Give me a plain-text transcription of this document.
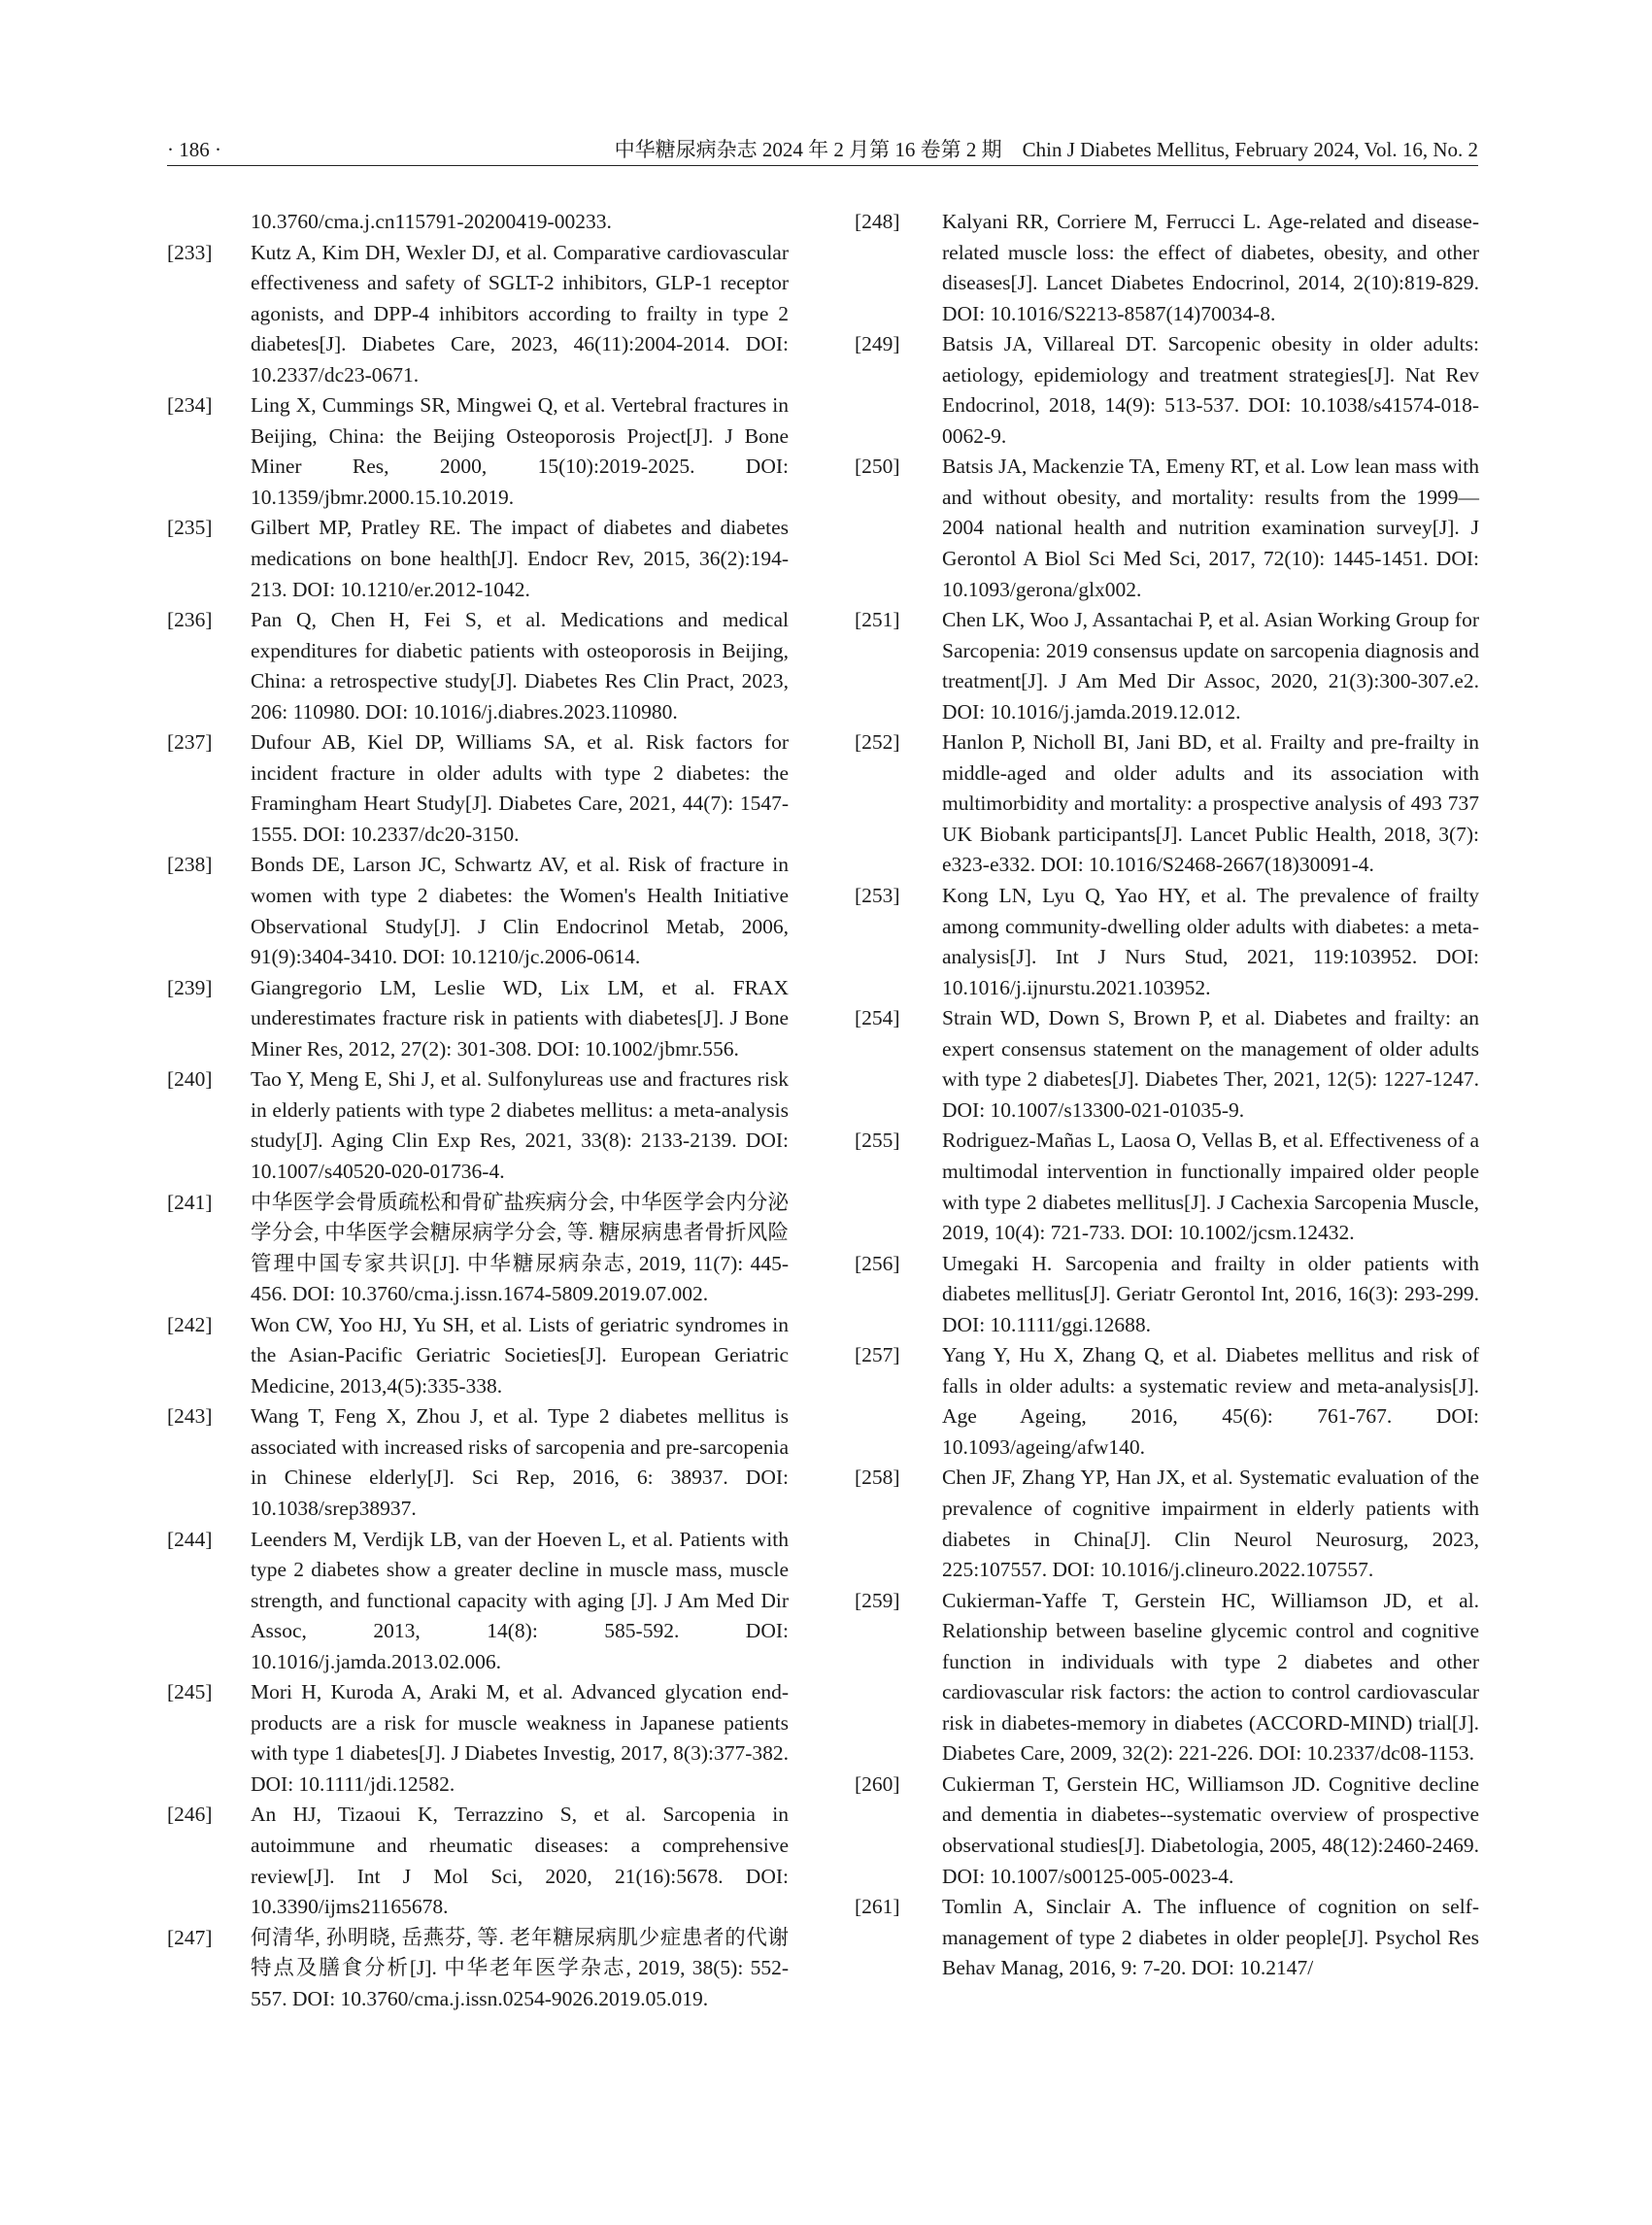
· 186 ·	中华糖尿病杂志 2024 年 2 月第 16 卷第 2 期　Chin J Diabetes Mellitus, February 2024, Vol. 16, No. 2
10.3760/cma.j.cn115791-20200419-00233.
[233]	Kutz A, Kim DH, Wexler DJ, et al. Comparative cardiovascular effectiveness and safety of SGLT-2 inhibitors, GLP-1 receptor agonists, and DPP-4 inhibitors according to frailty in type 2 diabetes[J]. Diabetes Care, 2023, 46(11):2004-2014. DOI: 10.2337/dc23-0671.
[234]	Ling X, Cummings SR, Mingwei Q, et al. Vertebral fractures in Beijing, China: the Beijing Osteoporosis Project[J]. J Bone Miner Res, 2000, 15(10):2019-2025. DOI: 10.1359/jbmr.2000.15.10.2019.
[235]	Gilbert MP, Pratley RE. The impact of diabetes and diabetes medications on bone health[J]. Endocr Rev, 2015, 36(2):194-213. DOI: 10.1210/er.2012-1042.
[236]	Pan Q, Chen H, Fei S, et al. Medications and medical expenditures for diabetic patients with osteoporosis in Beijing, China: a retrospective study[J]. Diabetes Res Clin Pract, 2023, 206: 110980. DOI: 10.1016/j.diabres.2023.110980.
[237]	Dufour AB, Kiel DP, Williams SA, et al. Risk factors for incident fracture in older adults with type 2 diabetes: the Framingham Heart Study[J]. Diabetes Care, 2021, 44(7): 1547-1555. DOI: 10.2337/dc20-3150.
[238]	Bonds DE, Larson JC, Schwartz AV, et al. Risk of fracture in women with type 2 diabetes: the Women's Health Initiative Observational Study[J]. J Clin Endocrinol Metab, 2006, 91(9):3404-3410. DOI: 10.1210/jc.2006-0614.
[239]	Giangregorio LM, Leslie WD, Lix LM, et al. FRAX underestimates fracture risk in patients with diabetes[J]. J Bone Miner Res, 2012, 27(2): 301-308. DOI: 10.1002/jbmr.556.
[240]	Tao Y, Meng E, Shi J, et al. Sulfonylureas use and fractures risk in elderly patients with type 2 diabetes mellitus: a meta-analysis study[J]. Aging Clin Exp Res, 2021, 33(8): 2133-2139. DOI: 10.1007/s40520-020-01736-4.
[241]	中华医学会骨质疏松和骨矿盐疾病分会, 中华医学会内分泌学分会, 中华医学会糖尿病学分会, 等. 糖尿病患者骨折风险管理中国专家共识[J]. 中华糖尿病杂志, 2019, 11(7): 445-456. DOI: 10.3760/cma.j.issn.1674-5809.2019.07.002.
[242]	Won CW, Yoo HJ, Yu SH, et al. Lists of geriatric syndromes in the Asian-Pacific Geriatric Societies[J]. European Geriatric Medicine, 2013,4(5):335-338.
[243]	Wang T, Feng X, Zhou J, et al. Type 2 diabetes mellitus is associated with increased risks of sarcopenia and pre-sarcopenia in Chinese elderly[J]. Sci Rep, 2016, 6: 38937. DOI: 10.1038/srep38937.
[244]	Leenders M, Verdijk LB, van der Hoeven L, et al. Patients with type 2 diabetes show a greater decline in muscle mass, muscle strength, and functional capacity with aging [J]. J Am Med Dir Assoc, 2013, 14(8): 585-592. DOI: 10.1016/j.jamda.2013.02.006.
[245]	Mori H, Kuroda A, Araki M, et al. Advanced glycation end-products are a risk for muscle weakness in Japanese patients with type 1 diabetes[J]. J Diabetes Investig, 2017, 8(3):377-382. DOI: 10.1111/jdi.12582.
[246]	An HJ, Tizaoui K, Terrazzino S, et al. Sarcopenia in autoimmune and rheumatic diseases: a comprehensive review[J]. Int J Mol Sci, 2020, 21(16):5678. DOI: 10.3390/ijms21165678.
[247]	何清华, 孙明晓, 岳燕芬, 等. 老年糖尿病肌少症患者的代谢特点及膳食分析[J]. 中华老年医学杂志, 2019, 38(5): 552-557. DOI: 10.3760/cma.j.issn.0254-9026.2019.05.019.
[248]	Kalyani RR, Corriere M, Ferrucci L. Age-related and disease-related muscle loss: the effect of diabetes, obesity, and other diseases[J]. Lancet Diabetes Endocrinol, 2014, 2(10):819-829. DOI: 10.1016/S2213-8587(14)70034-8.
[249]	Batsis JA, Villareal DT. Sarcopenic obesity in older adults: aetiology, epidemiology and treatment strategies[J]. Nat Rev Endocrinol, 2018, 14(9): 513-537. DOI: 10.1038/s41574-018-0062-9.
[250]	Batsis JA, Mackenzie TA, Emeny RT, et al. Low lean mass with and without obesity, and mortality: results from the 1999—2004 national health and nutrition examination survey[J]. J Gerontol A Biol Sci Med Sci, 2017, 72(10): 1445-1451. DOI: 10.1093/gerona/glx002.
[251]	Chen LK, Woo J, Assantachai P, et al. Asian Working Group for Sarcopenia: 2019 consensus update on sarcopenia diagnosis and treatment[J]. J Am Med Dir Assoc, 2020, 21(3):300-307.e2. DOI: 10.1016/j.jamda.2019.12.012.
[252]	Hanlon P, Nicholl BI, Jani BD, et al. Frailty and pre-frailty in middle-aged and older adults and its association with multimorbidity and mortality: a prospective analysis of 493 737 UK Biobank participants[J]. Lancet Public Health, 2018, 3(7): e323-e332. DOI: 10.1016/S2468-2667(18)30091-4.
[253]	Kong LN, Lyu Q, Yao HY, et al. The prevalence of frailty among community-dwelling older adults with diabetes: a meta-analysis[J]. Int J Nurs Stud, 2021, 119:103952. DOI: 10.1016/j.ijnurstu.2021.103952.
[254]	Strain WD, Down S, Brown P, et al. Diabetes and frailty: an expert consensus statement on the management of older adults with type 2 diabetes[J]. Diabetes Ther, 2021, 12(5): 1227-1247. DOI: 10.1007/s13300-021-01035-9.
[255]	Rodriguez-Mañas L, Laosa O, Vellas B, et al. Effectiveness of a multimodal intervention in functionally impaired older people with type 2 diabetes mellitus[J]. J Cachexia Sarcopenia Muscle, 2019, 10(4): 721-733. DOI: 10.1002/jcsm.12432.
[256]	Umegaki H. Sarcopenia and frailty in older patients with diabetes mellitus[J]. Geriatr Gerontol Int, 2016, 16(3): 293-299. DOI: 10.1111/ggi.12688.
[257]	Yang Y, Hu X, Zhang Q, et al. Diabetes mellitus and risk of falls in older adults: a systematic review and meta-analysis[J]. Age Ageing, 2016, 45(6): 761-767. DOI: 10.1093/ageing/afw140.
[258]	Chen JF, Zhang YP, Han JX, et al. Systematic evaluation of the prevalence of cognitive impairment in elderly patients with diabetes in China[J]. Clin Neurol Neurosurg, 2023, 225:107557. DOI: 10.1016/j.clineuro.2022.107557.
[259]	Cukierman-Yaffe T, Gerstein HC, Williamson JD, et al. Relationship between baseline glycemic control and cognitive function in individuals with type 2 diabetes and other cardiovascular risk factors: the action to control cardiovascular risk in diabetes-memory in diabetes (ACCORD-MIND) trial[J]. Diabetes Care, 2009, 32(2): 221-226. DOI: 10.2337/dc08-1153.
[260]	Cukierman T, Gerstein HC, Williamson JD. Cognitive decline and dementia in diabetes--systematic overview of prospective observational studies[J]. Diabetologia, 2005, 48(12):2460-2469. DOI: 10.1007/s00125-005-0023-4.
[261]	Tomlin A, Sinclair A. The influence of cognition on self-management of type 2 diabetes in older people[J]. Psychol Res Behav Manag, 2016, 9: 7-20. DOI: 10.2147/
